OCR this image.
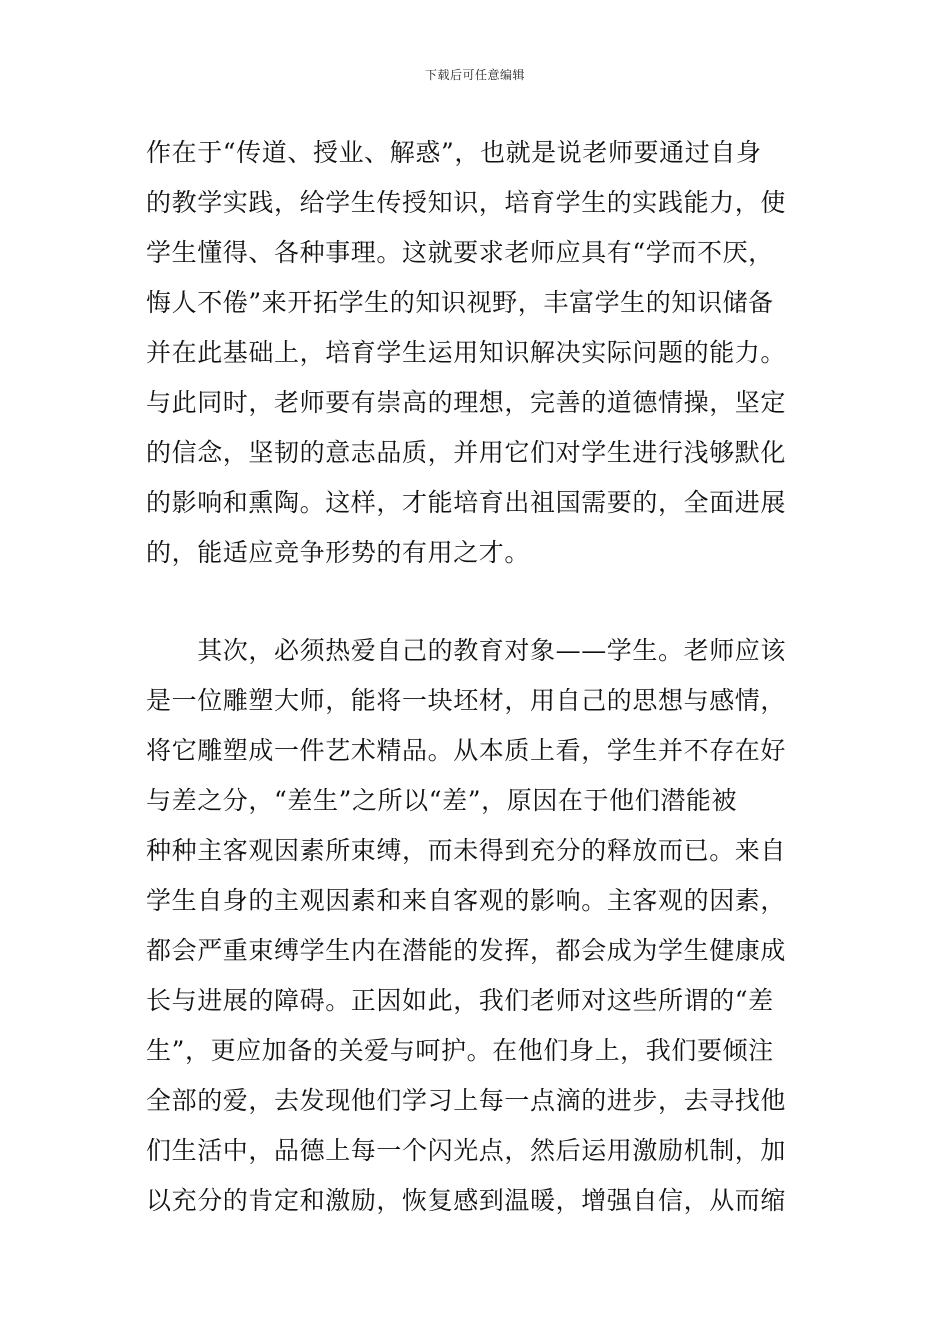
下载后可任意编辑
作在于“传道、授业、解惑”，也就是说老师要通过自身
的教学实践，给学生传授知识，培育学生的实践能力，使
学生懂得、各种事理。这就要求老师应具有“学而不厌，
悔人不倦”来开拓学生的知识视野，丰富学生的知识储备
并在此基础上，培育学生运用知识解决实际问题的能力。
与此同时，老师要有崇高的理想，完善的道德情操，坚定
的信念，坚韧的意志品质，并用它们对学生进行浅够默化
的影响和熏陶。这样，才能培育出祖国需要的，全面进展
的，能适应竞争形势的有用之才。
　　其次，必须热爱自己的教育对象——学生。老师应该
是一位雕塑大师，能将一块坯材，用自己的思想与感情，
将它雕塑成一件艺术精品。从本质上看，学生并不存在好
与差之分，“差生”之所以“差”，原因在于他们潜能被
种种主客观因素所束缚，而未得到充分的释放而已。来自
学生自身的主观因素和来自客观的影响。主客观的因素，
都会严重束缚学生内在潜能的发挥，都会成为学生健康成
长与进展的障碍。正因如此，我们老师对这些所谓的“差
生”，更应加备的关爱与呵护。在他们身上，我们要倾注
全部的爱，去发现他们学习上每一点滴的进步，去寻找他
们生活中，品德上每一个闪光点，然后运用激励机制，加
以充分的肯定和激励，恢复感到温暖，增强自信，从而缩
